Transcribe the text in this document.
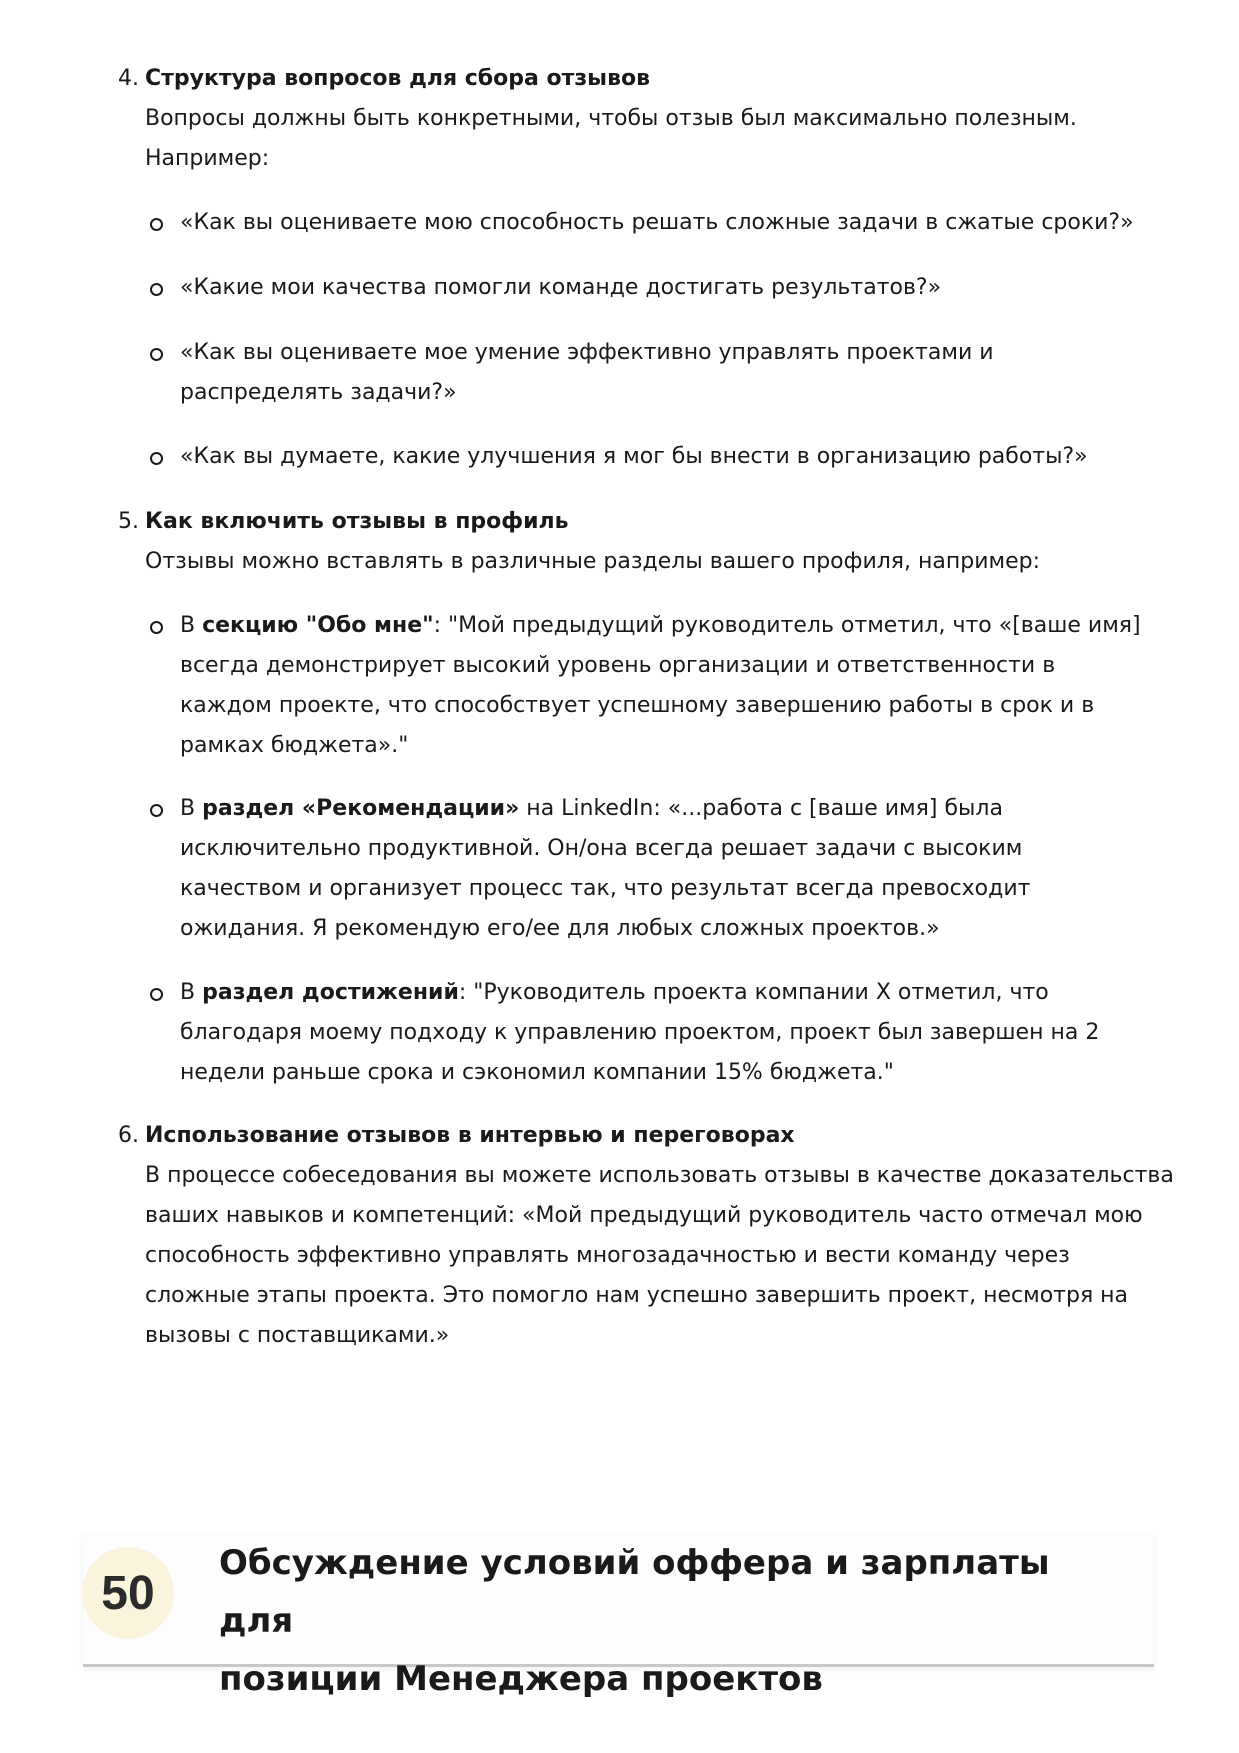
4. Структура вопросов для сбора отзывов
Вопросы должны быть конкретными, чтобы отзыв был максимально полезным.
Например:
«Как вы оцениваете мою способность решать сложные задачи в сжатые сроки?»
«Какие мои качества помогли команде достигать результатов?»
«Как вы оцениваете мое умение эффективно управлять проектами и
распределять задачи?»
«Как вы думаете, какие улучшения я мог бы внести в организацию работы?»
5. Как включить отзывы в профиль
Отзывы можно вставлять в различные разделы вашего профиля, например:
В секцию "Обо мне": "Мой предыдущий руководитель отметил, что «[ваше имя]
всегда демонстрирует высокий уровень организации и ответственности в
каждом проекте, что способствует успешному завершению работы в срок и в
рамках бюджета»."
В раздел «Рекомендации» на LinkedIn: «...работа с [ваше имя] была
исключительно продуктивной. Он/она всегда решает задачи с высоким
качеством и организует процесс так, что результат всегда превосходит
ожидания. Я рекомендую его/ее для любых сложных проектов.»
В раздел достижений: "Руководитель проекта компании X отметил, что
благодаря моему подходу к управлению проектом, проект был завершен на 2
недели раньше срока и сэкономил компании 15% бюджета."
6. Использование отзывов в интервью и переговорах
В процессе собеседования вы можете использовать отзывы в качестве доказательства
ваших навыков и компетенций: «Мой предыдущий руководитель часто отмечал мою
способность эффективно управлять многозадачностью и вести команду через
сложные этапы проекта. Это помогло нам успешно завершить проект, несмотря на
вызовы с поставщиками.»
50
Обсуждение условий оффера и зарплаты для
позиции Менеджера проектов
